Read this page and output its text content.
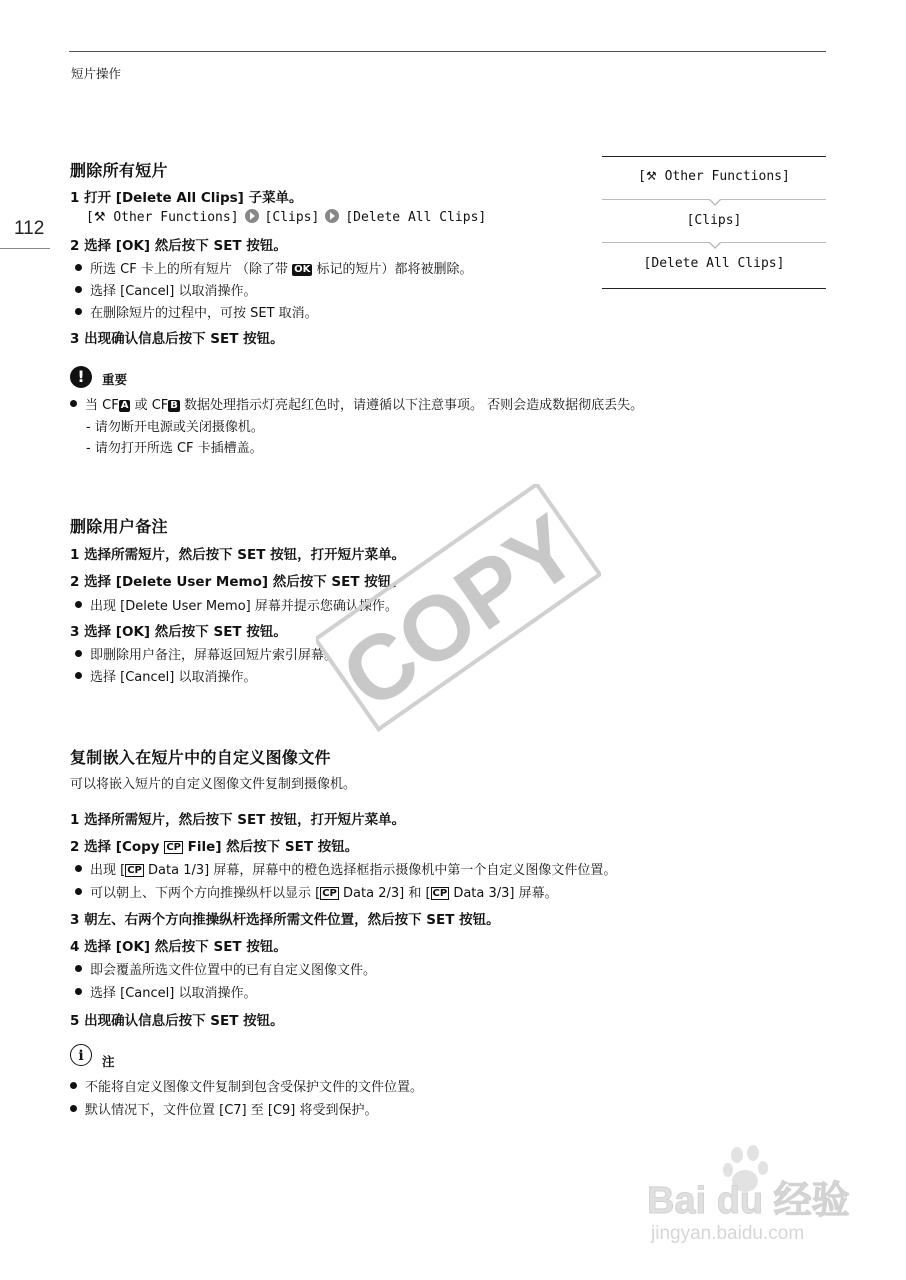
短片操作
112
[⚒ Other Functions]
[Clips]
[Delete All Clips]
删除所有短片
1 打开 [Delete All Clips] 子菜单。
[⚒ Other Functions] [Clips] [Delete All Clips]
2 选择 [OK] 然后按下 SET 按钮。
所选 CF 卡上的所有短片 （除了带 OK 标记的短片）都将被删除。
选择 [Cancel] 以取消操作。
在删除短片的过程中，可按 SET 取消。
3 出现确认信息后按下 SET 按钮。
!	重要
当 CF A 或 CF B 数据处理指示灯亮起红色时，请遵循以下注意事项。 否则会造成数据彻底丢失。
- 请勿断开电源或关闭摄像机。
- 请勿打开所选 CF 卡插槽盖。
删除用户备注
1 选择所需短片，然后按下 SET 按钮，打开短片菜单。
2 选择 [Delete User Memo] 然后按下 SET 按钮。
出现 [Delete User Memo] 屏幕并提示您确认操作。
3 选择 [OK] 然后按下 SET 按钮。
即删除用户备注，屏幕返回短片索引屏幕。
选择 [Cancel] 以取消操作。 COPY
复制嵌入在短片中的自定义图像文件
可以将嵌入短片的自定义图像文件复制到摄像机。
1 选择所需短片，然后按下 SET 按钮，打开短片菜单。
2 选择 [Copy CP File] 然后按下 SET 按钮。
出现 [ CP Data 1/3] 屏幕，屏幕中的橙色选择框指示摄像机中第一个自定义图像文件位置。
可以朝上、下两个方向推操纵杆以显示 [ CP Data 2/3] 和 [ CP Data 3/3] 屏幕。
3 朝左、右两个方向推操纵杆选择所需文件位置，然后按下 SET 按钮。
4 选择 [OK] 然后按下 SET 按钮。
即会覆盖所选文件位置中的已有自定义图像文件。
选择 [Cancel] 以取消操作。
5 出现确认信息后按下 SET 按钮。
i	注
不能将自定义图像文件复制到包含受保护文件的文件位置。
默认情况下，文件位置 [C7] 至 [C9] 将受到保护。
Bai du 经验
jingyan.baidu.com
